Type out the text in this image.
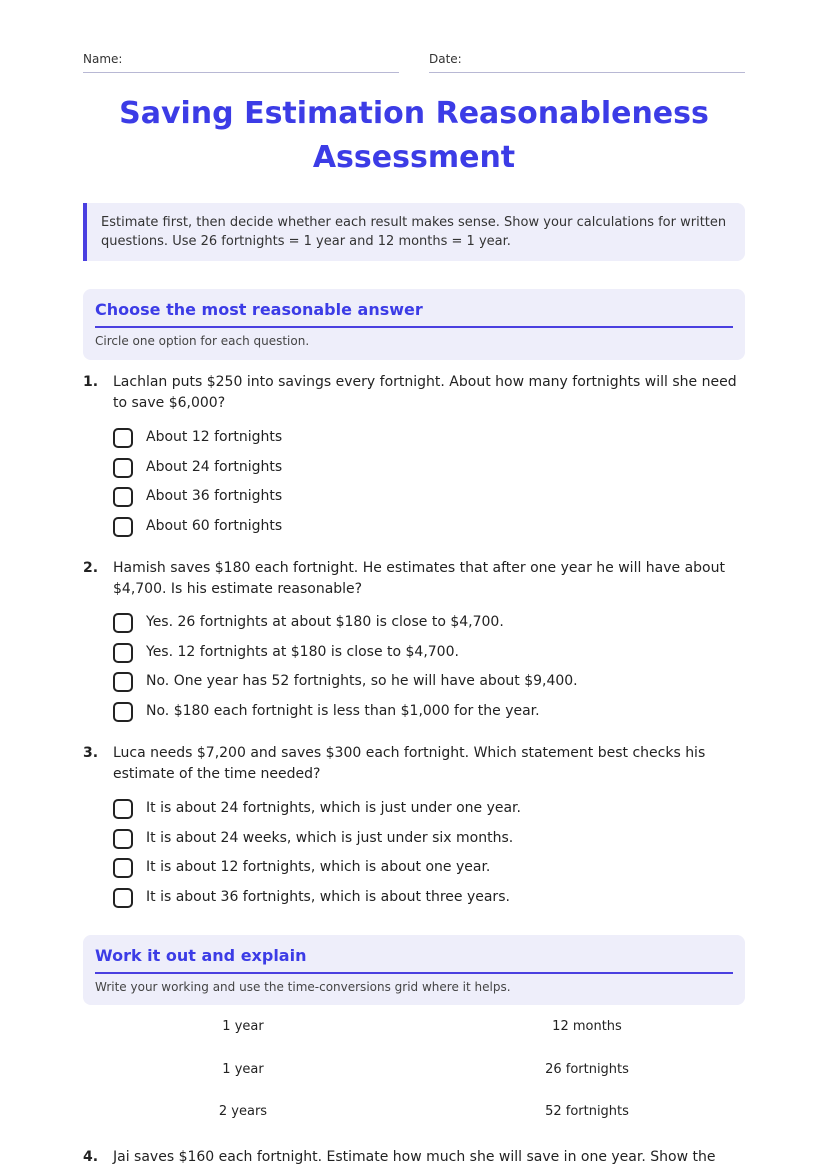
Name:	Date:
Saving Estimation Reasonableness Assessment
Estimate first, then decide whether each result makes sense. Show your calculations for written questions. Use 26 fortnights = 1 year and 12 months = 1 year.
Choose the most reasonable answer
Circle one option for each question.
1. Lachlan puts $250 into savings every fortnight. About how many fortnights will she need to save $6,000?
About 12 fortnights
About 24 fortnights
About 36 fortnights
About 60 fortnights
2. Hamish saves $180 each fortnight. He estimates that after one year he will have about $4,700. Is his estimate reasonable?
Yes. 26 fortnights at about $180 is close to $4,700.
Yes. 12 fortnights at $180 is close to $4,700.
No. One year has 52 fortnights, so he will have about $9,400.
No. $180 each fortnight is less than $1,000 for the year.
3. Luca needs $7,200 and saves $300 each fortnight. Which statement best checks his estimate of the time needed?
It is about 24 fortnights, which is just under one year.
It is about 24 weeks, which is just under six months.
It is about 12 fortnights, which is about one year.
It is about 36 fortnights, which is about three years.
Work it out and explain
Write your working and use the time-conversions grid where it helps.
1 year	12 months
1 year	26 fortnights
2 years	52 fortnights
4. Jai saves $160 each fortnight. Estimate how much she will save in one year. Show the
